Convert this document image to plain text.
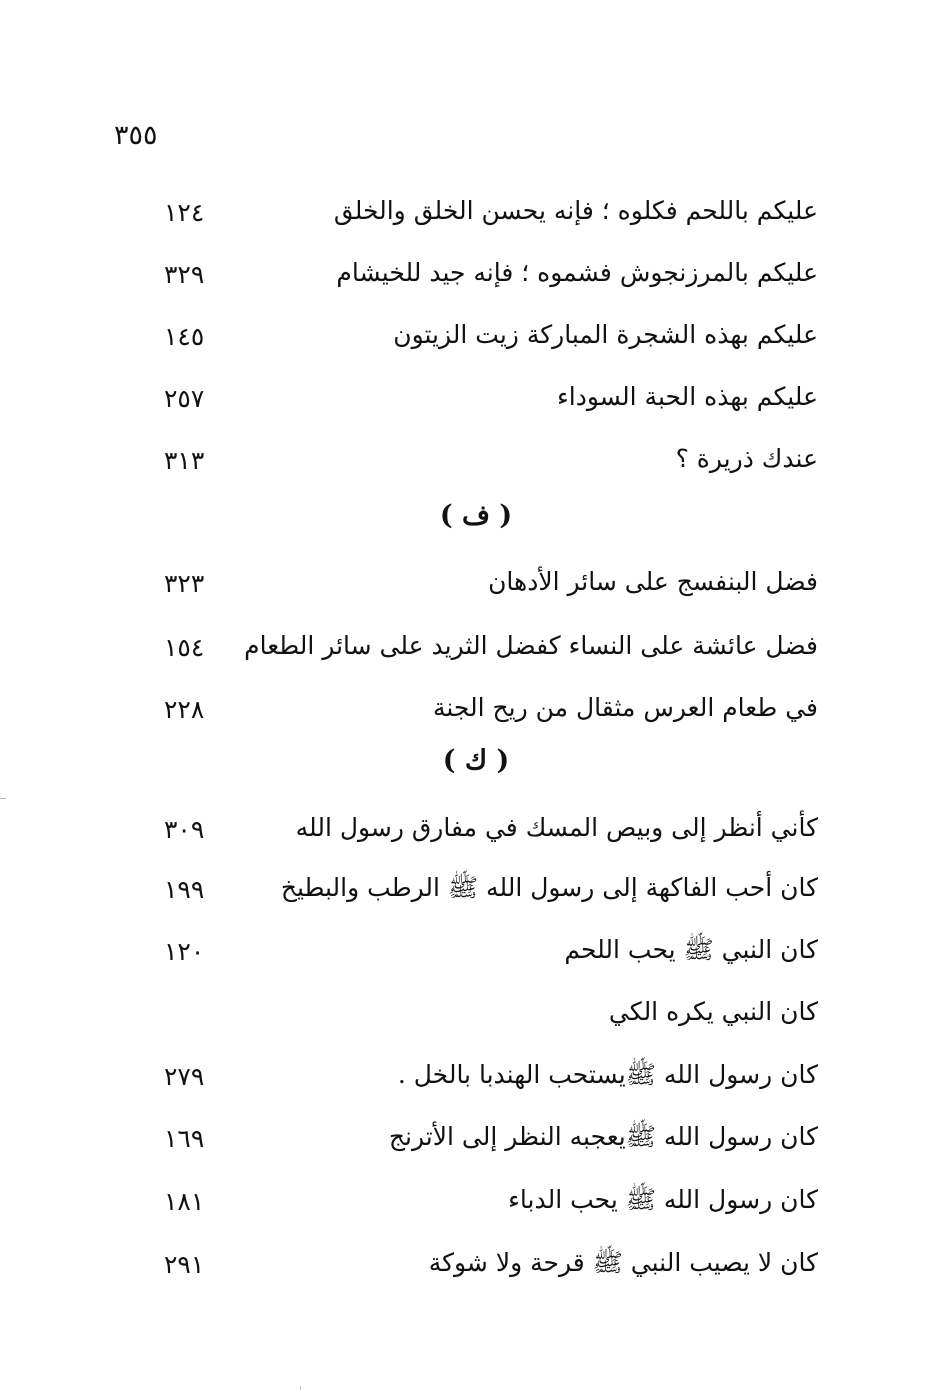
٣٥٥
عليكم باللحم فكلوه ؛ فإنه يحسن الخلق والخلق
١٢٤
عليكم بالمرزنجوش فشموه ؛ فإنه جيد للخيشام
٣٢٩
عليكم بهذه الشجرة المباركة زيت الزيتون
١٤٥
عليكم بهذه الحبة السوداء
٢٥٧
عندك ذريرة ؟
٣١٣
( ف )
فضل البنفسج على سائر الأدهان
٣٢٣
فضل عائشة على النساء كفضل الثريد على سائر الطعام
١٥٤
في طعام العرس مثقال من ريح الجنة
٢٢٨
( ك )
كأني أنظر إلى وبيص المسك في مفارق رسول الله
٣٠٩
كان أحب الفاكهة إلى رسول الله ﷺ الرطب والبطيخ
١٩٩
كان النبي ﷺ يحب اللحم
١٢٠
كان النبي يكره الكي
كان رسول الله ﷺيستحب الهندبا بالخل .
٢٧٩
كان رسول الله ﷺيعجبه النظر إلى الأترنج
١٦٩
كان رسول الله ﷺ يحب الدباء
١٨١
كان لا يصيب النبي ﷺ قرحة ولا شوكة
٢٩١
